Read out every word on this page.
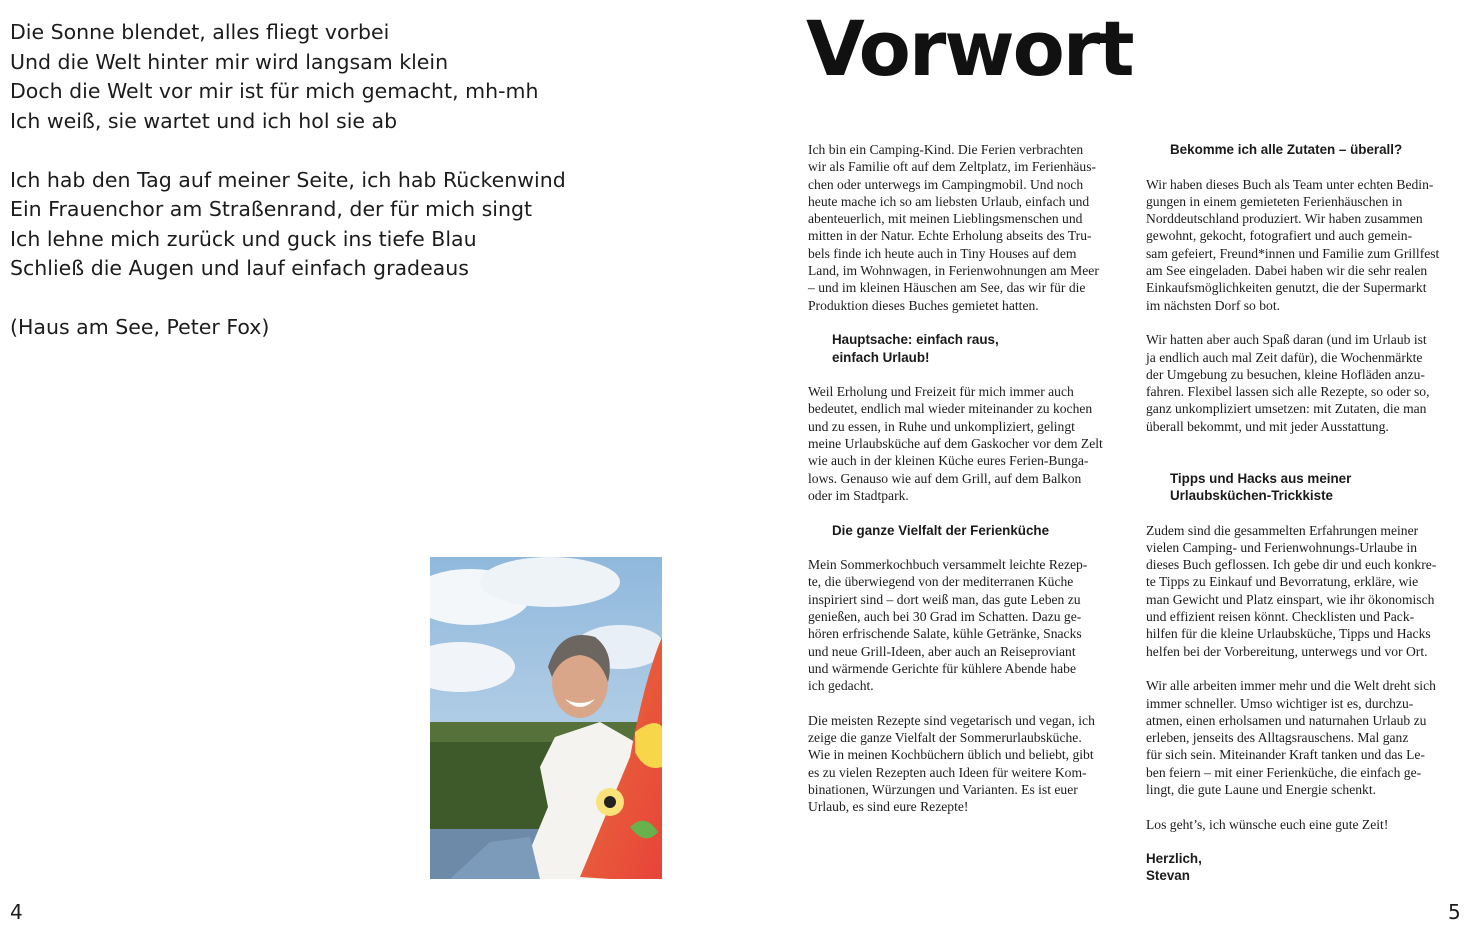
Die Sonne blendet, alles fliegt vorbei
Und die Welt hinter mir wird langsam klein
Doch die Welt vor mir ist für mich gemacht, mh-mh
Ich weiß, sie wartet und ich hol sie ab
Ich hab den Tag auf meiner Seite, ich hab Rückenwind
Ein Frauenchor am Straßenrand, der für mich singt
Ich lehne mich zurück und guck ins tiefe Blau
Schließ die Augen und lauf einfach gradeaus
(Haus am See, Peter Fox)
4
Vorwort
Ich bin ein Camping-Kind. Die Ferien verbrachten
wir als Familie oft auf dem Zeltplatz, im Ferienhäus-
chen oder unterwegs im Campingmobil. Und noch
heute mache ich so am liebsten Urlaub, einfach und
abenteuerlich, mit meinen Lieblingsmenschen und
mitten in der Natur. Echte Erholung abseits des Tru-
bels finde ich heute auch in Tiny Houses auf dem
Land, im Wohnwagen, in Ferienwohnungen am Meer
– und im kleinen Häuschen am See, das wir für die
Produktion dieses Buches gemietet hatten.
Hauptsache: einfach raus,
einfach Urlaub!
Weil Erholung und Freizeit für mich immer auch
bedeutet, endlich mal wieder miteinander zu kochen
und zu essen, in Ruhe und unkompliziert, gelingt
meine Urlaubsküche auf dem Gaskocher vor dem Zelt
wie auch in der kleinen Küche eures Ferien-Bunga-
lows. Genauso wie auf dem Grill, auf dem Balkon
oder im Stadtpark.
Die ganze Vielfalt der Ferienküche
Mein Sommerkochbuch versammelt leichte Rezep-
te, die überwiegend von der mediterranen Küche
inspiriert sind – dort weiß man, das gute Leben zu
genießen, auch bei 30 Grad im Schatten. Dazu ge-
hören erfrischende Salate, kühle Getränke, Snacks
und neue Grill-Ideen, aber auch an Reiseproviant
und wärmende Gerichte für kühlere Abende habe
ich gedacht.
Die meisten Rezepte sind vegetarisch und vegan, ich
zeige die ganze Vielfalt der Sommerurlaubsküche.
Wie in meinen Kochbüchern üblich und beliebt, gibt
es zu vielen Rezepten auch Ideen für weitere Kom-
binationen, Würzungen und Varianten. Es ist euer
Urlaub, es sind eure Rezepte!
Bekomme ich alle Zutaten – überall?
Wir haben dieses Buch als Team unter echten Bedin-
gungen in einem gemieteten Ferienhäuschen in
Norddeutschland produziert. Wir haben zusammen
gewohnt, gekocht, fotografiert und auch gemein-
sam gefeiert, Freund*innen und Familie zum Grillfest
am See eingeladen. Dabei haben wir die sehr realen
Einkaufsmöglichkeiten genutzt, die der Supermarkt
im nächsten Dorf so bot.
Wir hatten aber auch Spaß daran (und im Urlaub ist
ja endlich auch mal Zeit dafür), die Wochenmärkte
der Umgebung zu besuchen, kleine Hofläden anzu-
fahren. Flexibel lassen sich alle Rezepte, so oder so,
ganz unkompliziert umsetzen: mit Zutaten, die man
überall bekommt, und mit jeder Ausstattung.
Tipps und Hacks aus meiner
Urlaubsküchen-Trickkiste
Zudem sind die gesammelten Erfahrungen meiner
vielen Camping- und Ferienwohnungs-Urlaube in
dieses Buch geflossen. Ich gebe dir und euch konkre-
te Tipps zu Einkauf und Bevorratung, erkläre, wie
man Gewicht und Platz einspart, wie ihr ökonomisch
und effizient reisen könnt. Checklisten und Pack-
hilfen für die kleine Urlaubsküche, Tipps und Hacks
helfen bei der Vorbereitung, unterwegs und vor Ort.
Wir alle arbeiten immer mehr und die Welt dreht sich
immer schneller. Umso wichtiger ist es, durchzu-
atmen, einen erholsamen und naturnahen Urlaub zu
erleben, jenseits des Alltagsrauschens. Mal ganz
für sich sein. Miteinander Kraft tanken und das Le-
ben feiern – mit einer Ferienküche, die einfach ge-
lingt, die gute Laune und Energie schenkt.
Los geht’s, ich wünsche euch eine gute Zeit!
Herzlich,
Stevan
5
